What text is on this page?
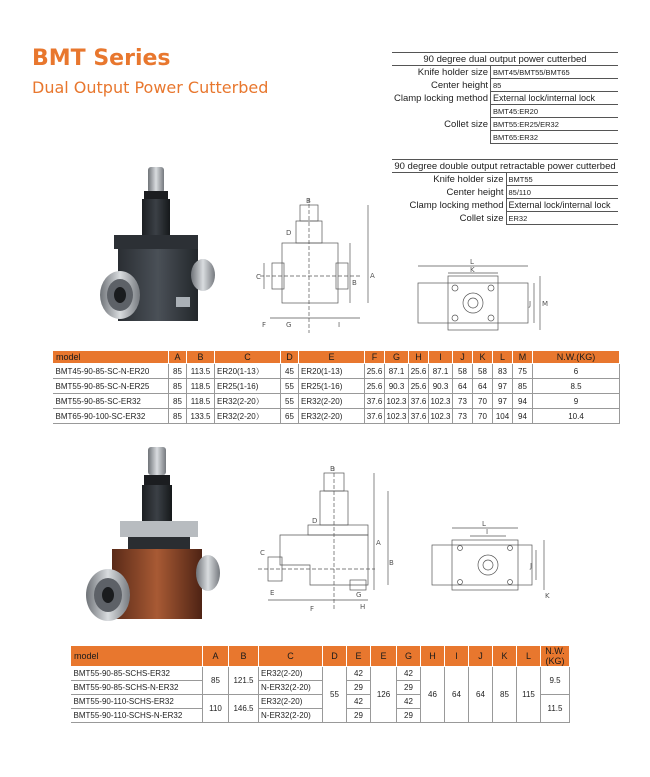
BMT Series
Dual Output Power Cutterbed
90 degree dual output power cutterbed	
Knife holder size	BMT45/BMT55/BMT65
Center height	85
Clamp locking method	External lock/internal lock
Collet size	BMT45:ER20
	BMT55:ER25/ER32
	BMT65:ER32
90 degree double output retractable power cutterbed	
Knife holder size	BMT55
Center height	85/110
Clamp locking method	External lock/internal lock
Collet size	ER32
B
D
A
B
C
F	G	I
L
K
J M
model	A	B	C	D	E	F	G	H	I	J	K	L	M	N.W.(KG)
BMT45-90-85-SC-N-ER20	85	113.5	ER20(1-13）	45	ER20(1-13)	25.6	87.1	25.6	87.1	58	58	83	75	6
BMT55-90-85-SC-N-ER25	85	118.5	ER25(1-16)	55	ER25(1-16)	25.6	90.3	25.6	90.3	64	64	97	85	8.5
BMT55-90-85-SC-ER32	85	118.5	ER32(2-20）	55	ER32(2-20)	37.6	102.3	37.6	102.3	73	70	97	94	9
BMT65-90-100-SC-ER32	85	133.5	ER32(2-20）	65	ER32(2-20)	37.6	102.3	37.6	102.3	73	70	104	94	10.4
B
D
C
A
B
E
F
G
H
L
I
J
K
model	A	B	C	D	E	E	G	H	I	J	K	L	N.W.(KG)
BMT55-90-85-SCHS-ER32	85	121.5	ER32(2-20)	55	42	126	42	46	64	64	85	115	9.5
BMT55-90-85-SCHS-N-ER32			N-ER32(2-20)		29		29						
BMT55-90-110-SCHS-ER32	110	146.5	ER32(2-20)		42		42						11.5
BMT55-90-110-SCHS-N-ER32			N-ER32(2-20)		29		29						
